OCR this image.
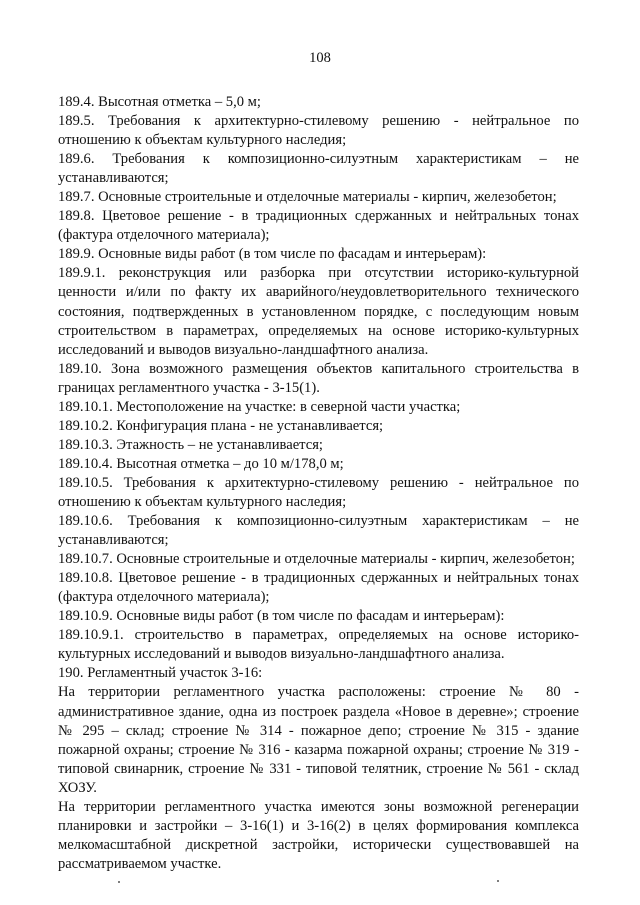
108

189.4. Высотная отметка – 5,0 м;

189.5. Требования к архитектурно-стилевому решению - нейтральное по отношению к объектам культурного наследия;

189.6. Требования к композиционно-силуэтным характеристикам – не устанавливаются;

189.7. Основные строительные и отделочные материалы - кирпич, железобетон;

189.8. Цветовое решение - в традиционных сдержанных и нейтральных тонах (фактура отделочного материала);

189.9. Основные виды работ (в том числе по фасадам и интерьерам):

189.9.1. реконструкция или разборка при отсутствии историко-культурной ценности и/или по факту их аварийного/неудовлетворительного технического состояния, подтвержденных в установленном порядке, с последующим новым строительством в параметрах, определяемых на основе историко-культурных исследований и выводов визуально-ландшафтного анализа.

189.10. Зона возможного размещения объектов капитального строительства в границах регламентного участка - 3-15(1).

189.10.1. Местоположение на участке: в северной части участка;

189.10.2. Конфигурация плана - не устанавливается;

189.10.3. Этажность – не устанавливается;

189.10.4. Высотная отметка – до 10 м/178,0 м;

189.10.5. Требования к архитектурно-стилевому решению - нейтральное по отношению к объектам культурного наследия;

189.10.6. Требования к композиционно-силуэтным характеристикам – не устанавливаются;

189.10.7. Основные строительные и отделочные материалы - кирпич, железобетон;

189.10.8. Цветовое решение - в традиционных сдержанных и нейтральных тонах (фактура отделочного материала);

189.10.9. Основные виды работ (в том числе по фасадам и интерьерам):

189.10.9.1. строительство в параметрах, определяемых на основе историко-культурных исследований и выводов визуально-ландшафтного анализа.

190. Регламентный участок 3-16:

На территории регламентного участка расположены: строение № 80 - административное здание, одна из построек раздела «Новое в деревне»; строение № 295 – склад; строение № 314 - пожарное депо; строение № 315 - здание пожарной охраны; строение № 316 - казарма пожарной охраны; строение № 319 - типовой свинарник, строение № 331 - типовой телятник, строение № 561 - склад ХОЗУ.

На территории регламентного участка имеются зоны возможной регенерации планировки и застройки – 3-16(1) и 3-16(2) в целях формирования комплекса мелкомасштабной дискретной застройки, исторически существовавшей на рассматриваемом участке.
